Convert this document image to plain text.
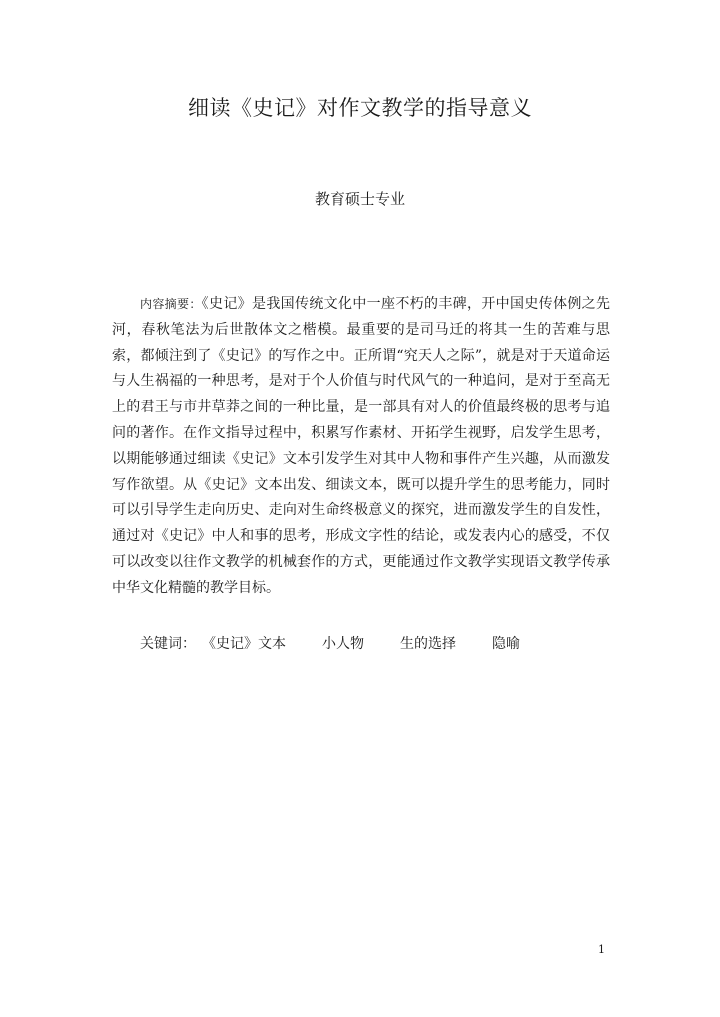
细读《史记》对作文教学的指导意义
教育硕士专业
内容摘要：《史记》是我国传统文化中一座不朽的丰碑，开中国史传体例之先河，春秋笔法为后世散体文之楷模。最重要的是司马迁的将其一生的苦难与思索，都倾注到了《史记》的写作之中。正所谓“究天人之际”，就是对于天道命运与人生祸福的一种思考，是对于个人价值与时代风气的一种追问，是对于至高无上的君王与市井草莽之间的一种比量，是一部具有对人的价值最终极的思考与追问的著作。在作文指导过程中，积累写作素材、开拓学生视野，启发学生思考，以期能够通过细读《史记》文本引发学生对其中人物和事件产生兴趣，从而激发写作欲望。从《史记》文本出发、细读文本，既可以提升学生的思考能力，同时可以引导学生走向历史、走向对生命终极意义的探究，进而激发学生的自发性，通过对《史记》中人和事的思考，形成文字性的结论，或发表内心的感受，不仅可以改变以往作文教学的机械套作的方式，更能通过作文教学实现语文教学传承中华文化精髓的教学目标。
关键词： 《史记》文本	小人物	生的选择	隐喻
1
